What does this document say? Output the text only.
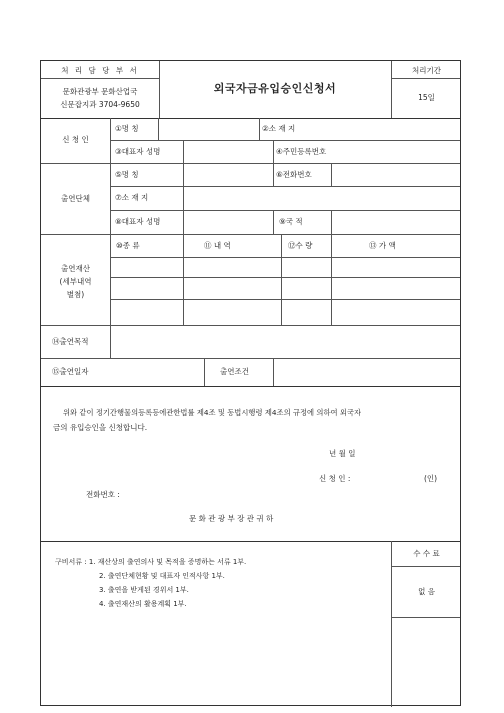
처 리 담 당 부 서
문화관광부 문화산업국
신문잡지과 3704-9650
외국자금유입승인신청서
처리기간
15일
신 청 인
①명 칭	②소 재 지
③대표자 성명	④주민등록번호
출연단체
⑤명 칭	⑥전화번호
⑦소 재 지
⑧대표자 성명	⑨국 적
출연재산
(세부내역
별첨)
⑩종 류	⑪ 내 역	⑫수 량	⑬ 가 액
⑭출연목적
⑮출연일자	출연조건
위와 같이 정기간행물의등록등에관한법률 제4조 및 동법시행령 제4조의 규정에 의하여 외국자
금의 유입승인을 신청합니다.
년 월 일
신 청 인 :	(인)
전화번호 :
문 화 관 광 부 장 관 귀 하
구비서류 : 1. 재산상의 출연의사 및 목적을 증명하는 서류 1부.
2. 출연단체현황 및 대표자 인적사항 1부.
3. 출연을 받게된 경위서 1부.
4. 출연재산의 활용계획 1부.
수 수 료
없 음
